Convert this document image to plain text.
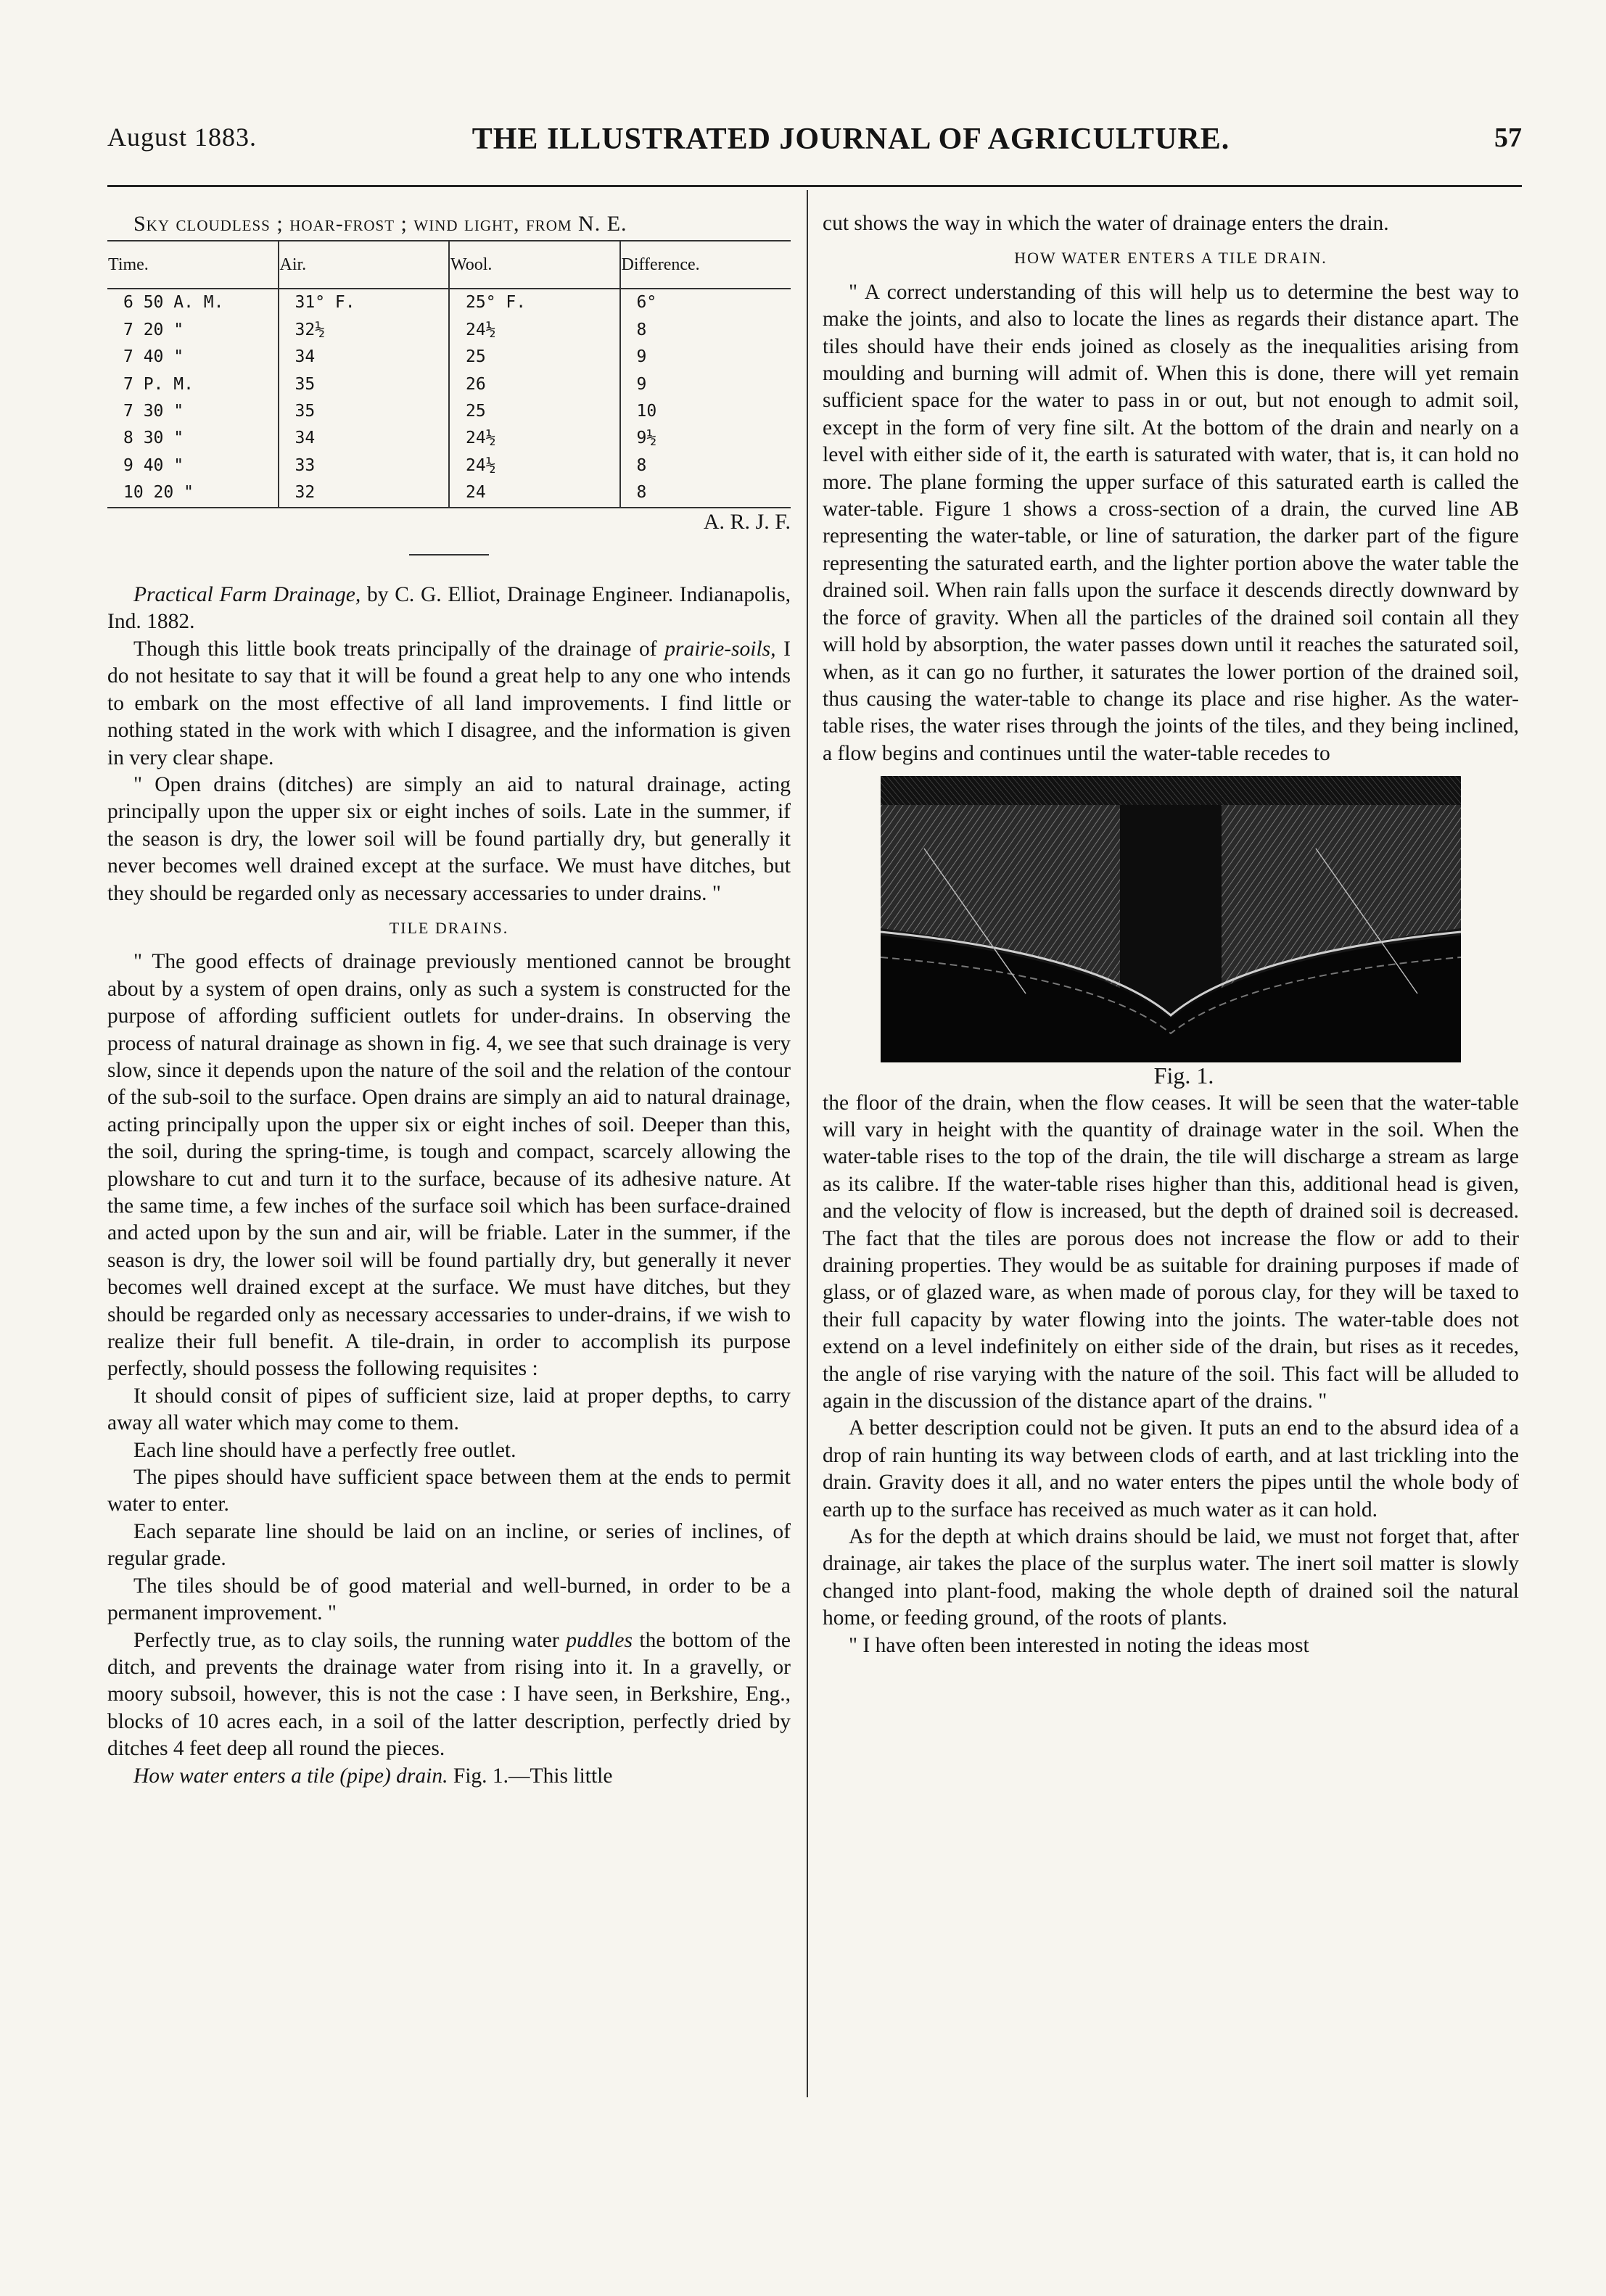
August 1883.	THE ILLUSTRATED JOURNAL OF AGRICULTURE.	57

Sky cloudless ; hoar-frost ; wind light, from N. E.

Time.	Air.	Wool.	Difference.
6 50 A. M.	31° F.	25° F.	6°
7 20 "	32½	24½	8
7 40 "	34	25	9
7 P. M.	35	26	9
7 30 "	35	25	10
8 30 "	34	24½	9½
9 40 "	33	24½	8
10 20 "	32	24	8

A. R. J. F.

Practical Farm Drainage, by C. G. Elliot, Drainage Engineer. Indianapolis, Ind. 1882.

Though this little book treats principally of the drainage of prairie-soils, I do not hesitate to say that it will be found a great help to any one who intends to embark on the most effective of all land improvements. I find little or nothing stated in the work with which I disagree, and the information is given in very clear shape.

" Open drains (ditches) are simply an aid to natural drainage, acting principally upon the upper six or eight inches of soils. Late in the summer, if the season is dry, the lower soil will be found partially dry, but generally it never becomes well drained except at the surface. We must have ditches, but they should be regarded only as necessary accessaries to under drains. "

TILE DRAINS.

" The good effects of drainage previously mentioned cannot be brought about by a system of open drains, only as such a system is constructed for the purpose of affording sufficient outlets for under-drains. In observing the process of natural drainage as shown in fig. 4, we see that such drainage is very slow, since it depends upon the nature of the soil and the relation of the contour of the sub-soil to the surface. Open drains are simply an aid to natural drainage, acting principally upon the upper six or eight inches of soil. Deeper than this, the soil, during the spring-time, is tough and compact, scarcely allowing the plowshare to cut and turn it to the surface, because of its adhesive nature. At the same time, a few inches of the surface soil which has been surface-drained and acted upon by the sun and air, will be friable. Later in the summer, if the season is dry, the lower soil will be found partially dry, but generally it never becomes well drained except at the surface. We must have ditches, but they should be regarded only as necessary accessaries to under-drains, if we wish to realize their full benefit. A tile-drain, in order to accomplish its purpose perfectly, should possess the following requisites :

It should consit of pipes of sufficient size, laid at proper depths, to carry away all water which may come to them.

Each line should have a perfectly free outlet.

The pipes should have sufficient space between them at the ends to permit water to enter.

Each separate line should be laid on an incline, or series of inclines, of regular grade.

The tiles should be of good material and well-burned, in order to be a permanent improvement. "

Perfectly true, as to clay soils, the running water puddles the bottom of the ditch, and prevents the drainage water from rising into it. In a gravelly, or moory subsoil, however, this is not the case : I have seen, in Berkshire, Eng., blocks of 10 acres each, in a soil of the latter description, perfectly dried by ditches 4 feet deep all round the pieces.

How water enters a tile (pipe) drain. Fig. 1.—This little

cut shows the way in which the water of drainage enters the drain.

HOW WATER ENTERS A TILE DRAIN.

" A correct understanding of this will help us to determine the best way to make the joints, and also to locate the lines as regards their distance apart. The tiles should have their ends joined as closely as the inequalities arising from moulding and burning will admit of. When this is done, there will yet remain sufficient space for the water to pass in or out, but not enough to admit soil, except in the form of very fine silt. At the bottom of the drain and nearly on a level with either side of it, the earth is saturated with water, that is, it can hold no more. The plane forming the upper surface of this saturated earth is called the water-table. Figure 1 shows a cross-section of a drain, the curved line AB representing the water-table, or line of saturation, the darker part of the figure representing the saturated earth, and the lighter portion above the water table the drained soil. When rain falls upon the surface it descends directly downward by the force of gravity. When all the particles of the drained soil contain all they will hold by absorption, the water passes down until it reaches the saturated soil, when, as it can go no further, it saturates the lower portion of the drained soil, thus causing the water-table to change its place and rise higher. As the water-table rises, the water rises through the joints of the tiles, and they being inclined, a flow begins and continues until the water-table recedes to

Fig. 1.

the floor of the drain, when the flow ceases. It will be seen that the water-table will vary in height with the quantity of drainage water in the soil. When the water-table rises to the top of the drain, the tile will discharge a stream as large as its calibre. If the water-table rises higher than this, additional head is given, and the velocity of flow is increased, but the depth of drained soil is decreased. The fact that the tiles are porous does not increase the flow or add to their draining properties. They would be as suitable for draining purposes if made of glass, or of glazed ware, as when made of porous clay, for they will be taxed to their full capacity by water flowing into the joints. The water-table does not extend on a level indefinitely on either side of the drain, but rises as it recedes, the angle of rise varying with the nature of the soil. This fact will be alluded to again in the discussion of the distance apart of the drains. "

A better description could not be given. It puts an end to the absurd idea of a drop of rain hunting its way between clods of earth, and at last trickling into the drain. Gravity does it all, and no water enters the pipes until the whole body of earth up to the surface has received as much water as it can hold.

As for the depth at which drains should be laid, we must not forget that, after drainage, air takes the place of the surplus water. The inert soil matter is slowly changed into plant-food, making the whole depth of drained soil the natural home, or feeding ground, of the roots of plants.

" I have often been interested in noting the ideas most
